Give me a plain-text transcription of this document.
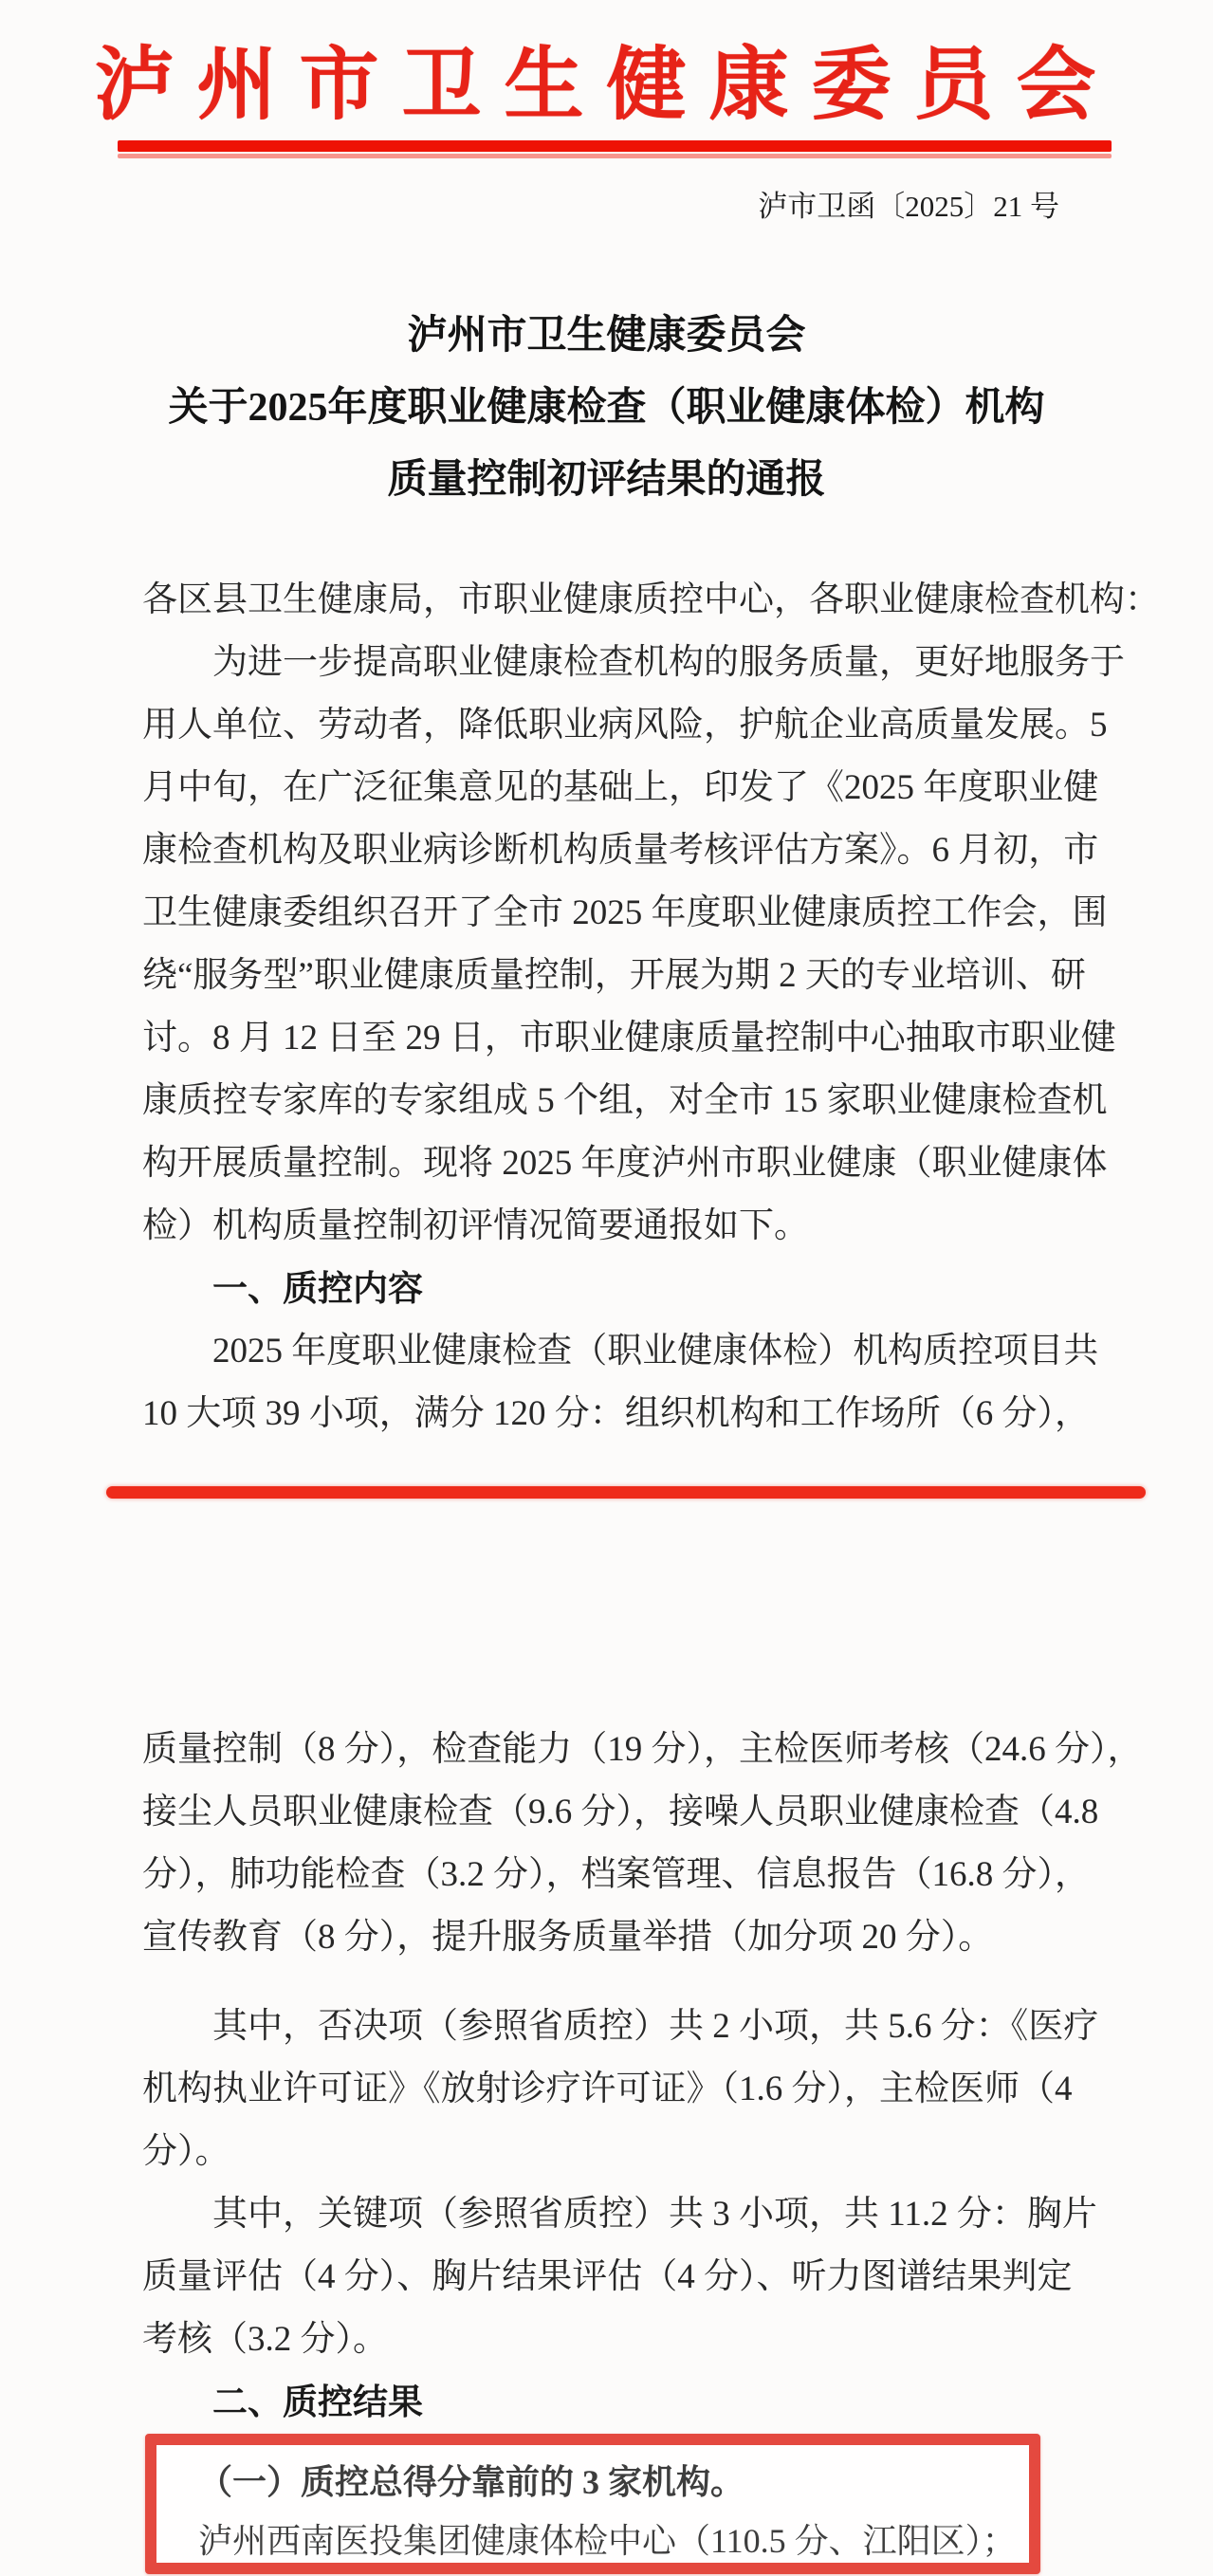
泸州市卫生健康委员会
泸市卫函〔2025〕21 号
泸州市卫生健康委员会
关于2025年度职业健康检查（职业健康体检）机构
质量控制初评结果的通报
各区县卫生健康局，市职业健康质控中心，各职业健康检查机构：
为进一步提高职业健康检查机构的服务质量，更好地服务于
用人单位、劳动者，降低职业病风险，护航企业高质量发展。5
月中旬，在广泛征集意见的基础上，印发了《2025 年度职业健
康检查机构及职业病诊断机构质量考核评估方案》。6 月初，市
卫生健康委组织召开了全市 2025 年度职业健康质控工作会，围
绕“服务型”职业健康质量控制，开展为期 2 天的专业培训、研
讨。8 月 12 日至 29 日，市职业健康质量控制中心抽取市职业健
康质控专家库的专家组成 5 个组，对全市 15 家职业健康检查机
构开展质量控制。现将 2025 年度泸州市职业健康（职业健康体
检）机构质量控制初评情况简要通报如下。
一、质控内容
2025 年度职业健康检查（职业健康体检）机构质控项目共
10 大项 39 小项，满分 120 分：组织机构和工作场所（6 分），
质量控制（8 分），检查能力（19 分），主检医师考核（24.6 分），
接尘人员职业健康检查（9.6 分），接噪人员职业健康检查（4.8
分），肺功能检查（3.2 分），档案管理、信息报告（16.8 分），
宣传教育（8 分），提升服务质量举措（加分项 20 分）。
其中，否决项（参照省质控）共 2 小项，共 5.6 分：《医疗
机构执业许可证》《放射诊疗许可证》（1.6 分），主检医师（4
分）。
其中，关键项（参照省质控）共 3 小项，共 11.2 分：胸片
质量评估（4 分）、胸片结果评估（4 分）、听力图谱结果判定
考核（3.2 分）。
二、质控结果
（一）质控总得分靠前的 3 家机构。
泸州西南医投集团健康体检中心（110.5 分、江阳区）；
